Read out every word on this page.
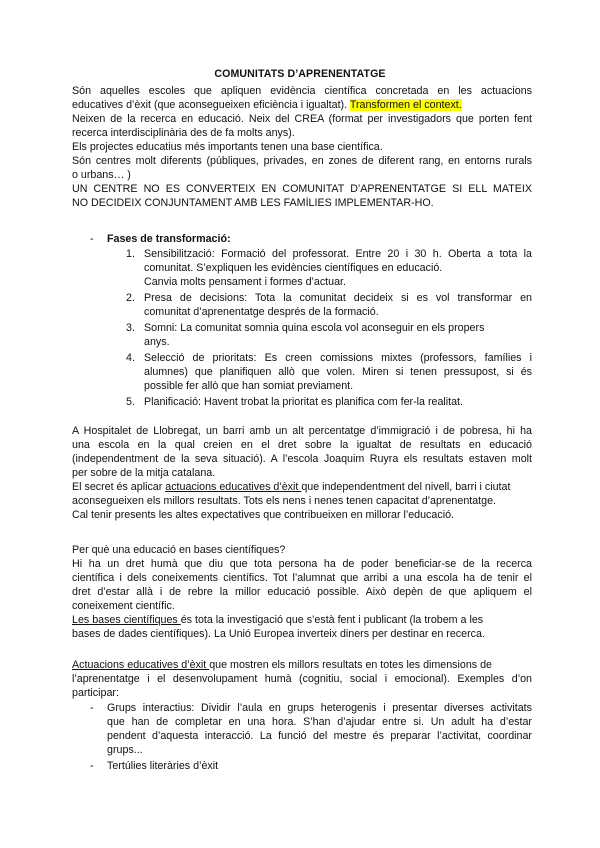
COMUNITATS D’APRENENTATGE
Són aquelles escoles que apliquen evidència científica concretada en les actuacions
educatives d’èxit (que aconsegueixen eficiència i igualtat). Transformen el context.
Neixen de la recerca en educació. Neix del CREA (format per investigadors que porten fent
recerca interdisciplinària des de fa molts anys).
Els projectes educatius més importants tenen una base científica.
Són centres molt diferents (públiques, privades, en zones de diferent rang, en entorns rurals
o urbans… )
UN CENTRE NO ES CONVERTEIX EN COMUNITAT D’APRENENTATGE SI ELL MATEIX
NO DECIDEIX CONJUNTAMENT AMB LES FAMÍLIES IMPLEMENTAR-HO.
- Fases de transformació:
1. Sensibilització: Formació del professorat. Entre 20 i 30 h. Oberta a tota la
comunitat. S’expliquen les evidències científiques en educació.
Canvia molts pensament i formes d’actuar.
2. Presa de decisions: Tota la comunitat decideix si es vol transformar en
comunitat d’aprenentatge després de la formació.
3. Somni: La comunitat somnia quina escola vol aconseguir en els propers
anys.
4. Selecció de prioritats: Es creen comissions mixtes (professors, famílies i
alumnes) que planifiquen allò que volen. Miren si tenen pressupost, si és
possible fer allò que han somiat previament.
5. Planificació: Havent trobat la prioritat es planifica com fer-la realitat.
A Hospitalet de Llobregat, un barri amb un alt percentatge d’immigració i de pobresa, hi ha
una escola en la qual creien en el dret sobre la igualtat de resultats en educació
(independentment de la seva situació). A l’escola Joaquim Ruyra els resultats estaven molt
per sobre de la mitja catalana.
El secret és aplicar actuacions educatives d’èxit que independentment del nivell, barri i ciutat
aconsegueixen els millors resultats. Tots els nens i nenes tenen capacitat d’aprenentatge.
Cal tenir presents les altes expectatives que contribueixen en millorar l’educació.
Per què una educació en bases científiques?
Hi ha un dret humà que diu que tota persona ha de poder beneficiar-se de la recerca
científica i dels coneixements científics. Tot l’alumnat que arribi a una escola ha de tenir el
dret d’estar allà i de rebre la millor educació possible. Això depèn de que apliquem el
coneixement científic.
Les bases científiques és tota la investigació que s’està fent i publicant (la trobem a les
bases de dades científiques). La Unió Europea inverteix diners per destinar en recerca.
Actuacions educatives d’èxit que mostren els millors resultats en totes les dimensions de
l’aprenentatge i el desenvolupament humà (cognitiu, social i emocional). Exemples d’on
participar:
- Grups interactius: Dividir l’aula en grups heterogenis i presentar diverses activitats
que han de completar en una hora. S’han d’ajudar entre si. Un adult ha d’estar
pendent d’aquesta interacció. La funció del mestre és preparar l’activitat, coordinar
grups...
- Tertúlies literàries d’èxit
